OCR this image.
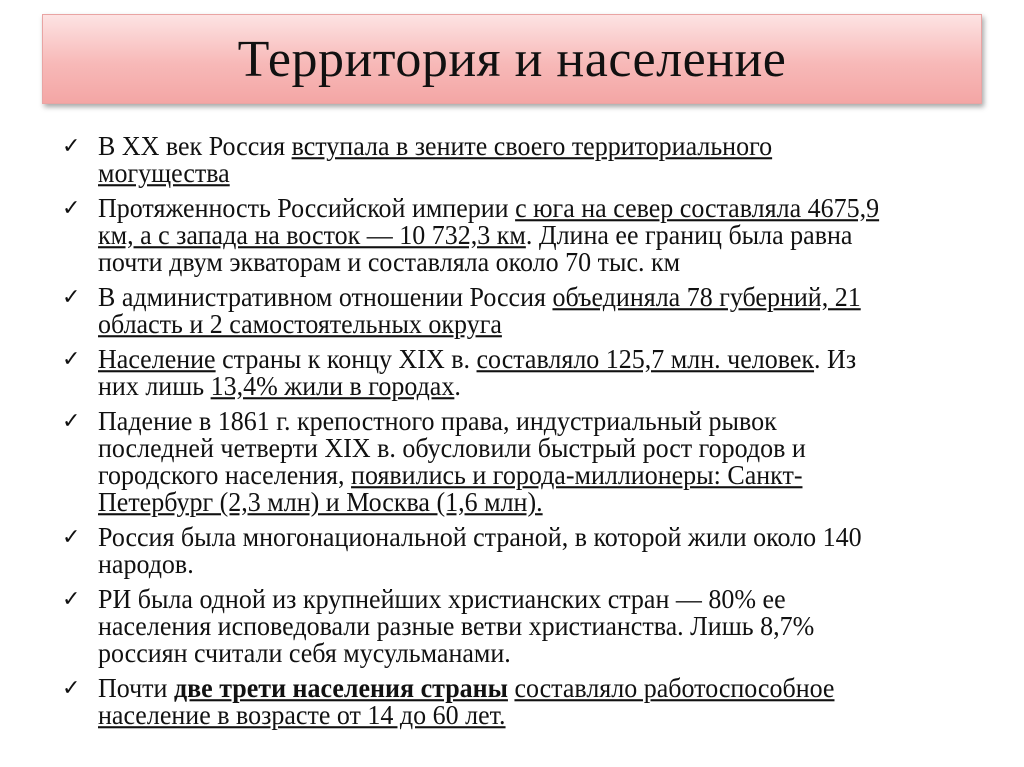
Территория и население
✓ В XX век Россия вступала в зените своего территориального
могущества
✓ Протяженность Российской империи с юга на север составляла 4675,9
км, а с запада на восток — 10 732,3 км. Длина ее границ была равна
почти двум экваторам и составляла около 70 тыс. км
✓ В административном отношении Россия объединяла 78 губерний, 21
область и 2 самостоятельных округа
✓ Население страны к концу XIX в. составляло 125,7 млн. человек. Из
них лишь 13,4% жили в городах.
✓ Падение в 1861 г. крепостного права, индустриальный рывок
последней четверти XIX в. обусловили быстрый рост городов и
городского населения, появились и города-миллионеры: Санкт-
Петербург (2,3 млн) и Москва (1,6 млн).
✓ Россия была многонациональной страной, в которой жили около 140
народов.
✓ РИ была одной из крупнейших христианских стран — 80% ее
населения исповедовали разные ветви христианства. Лишь 8,7%
россиян считали себя мусульманами.
✓ Почти две трети населения страны составляло работоспособное
население в возрасте от 14 до 60 лет.
